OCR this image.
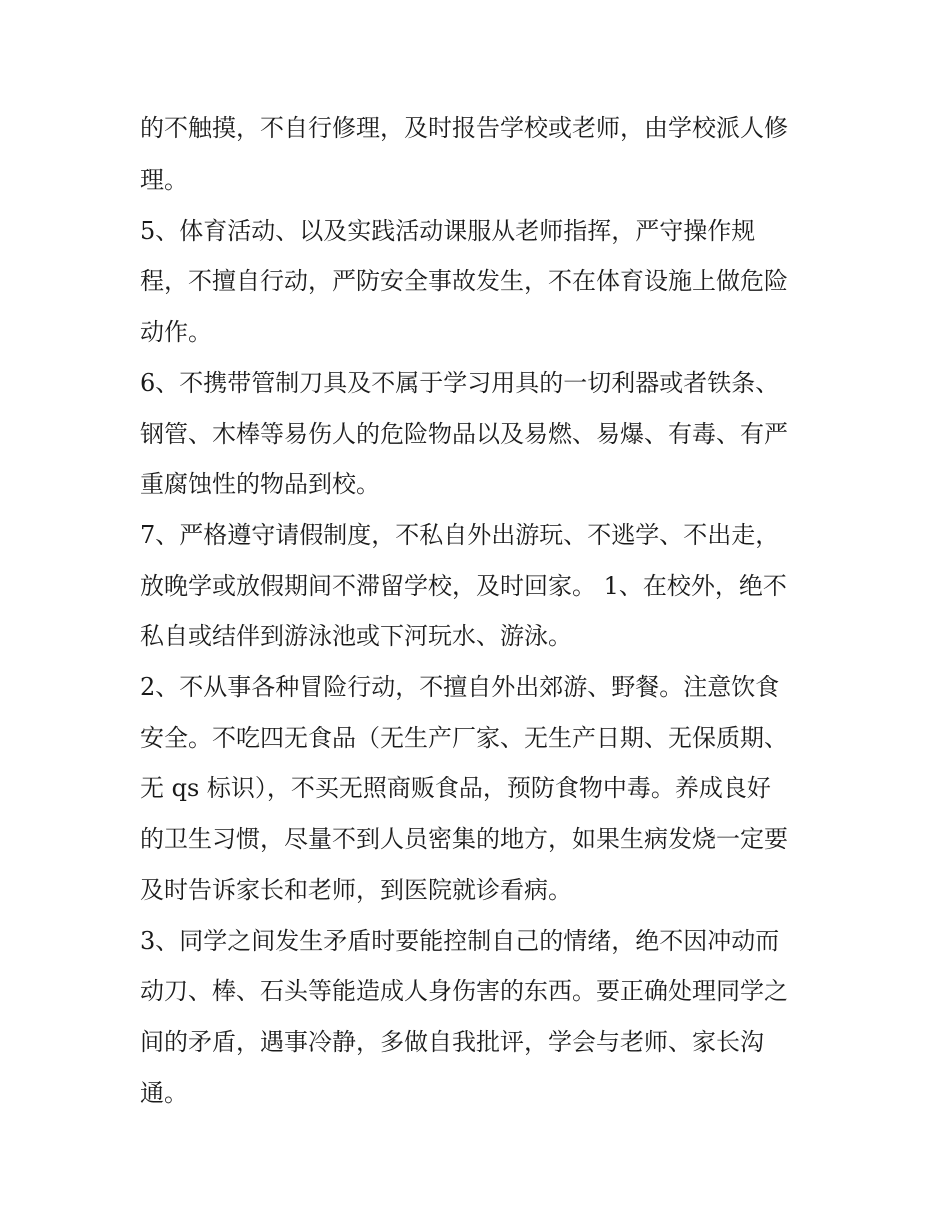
的不触摸，不自行修理，及时报告学校或老师，由学校派人修
理。
5、体育活动、以及实践活动课服从老师指挥，严守操作规
程，不擅自行动，严防安全事故发生，不在体育设施上做危险
动作。
6、不携带管制刀具及不属于学习用具的一切利器或者铁条、
钢管、木棒等易伤人的危险物品以及易燃、易爆、有毒、有严
重腐蚀性的物品到校。
7、严格遵守请假制度，不私自外出游玩、不逃学、不出走，
放晚学或放假期间不滞留学校，及时回家。 1、在校外，绝不
私自或结伴到游泳池或下河玩水、游泳。
2、不从事各种冒险行动，不擅自外出郊游、野餐。注意饮食
安全。不吃四无食品（无生产厂家、无生产日期、无保质期、
无 qs 标识），不买无照商贩食品，预防食物中毒。养成良好
的卫生习惯，尽量不到人员密集的地方，如果生病发烧一定要
及时告诉家长和老师，到医院就诊看病。
3、同学之间发生矛盾时要能控制自己的情绪，绝不因冲动而
动刀、棒、石头等能造成人身伤害的东西。要正确处理同学之
间的矛盾，遇事冷静，多做自我批评，学会与老师、家长沟
通。
